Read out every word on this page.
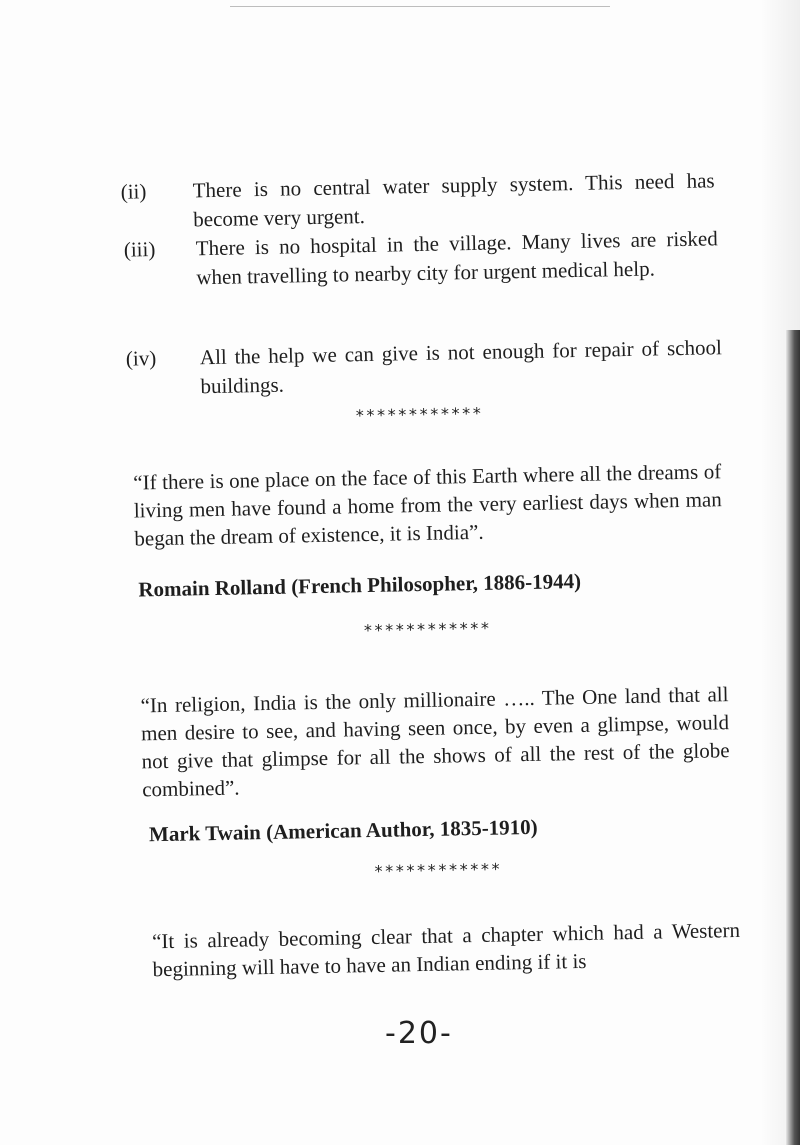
(ii)	There is no central water supply system. This need has become very urgent.
(iii)	There is no hospital in the village. Many lives are risked when travelling to nearby city for urgent medical help.
(iv)	All the help we can give is not enough for repair of school buildings.
************
“If there is one place on the face of this Earth where all the dreams of living men have found a home from the very earliest days when man began the dream of existence, it is India”.
Romain Rolland (French Philosopher, 1886-1944)
************
“In religion, India is the only millionaire ….. The One land that all men desire to see, and having seen once, by even a glimpse, would not give that glimpse for all the shows of all the rest of the globe combined”.
Mark Twain (American Author, 1835-1910)
************
“It is already becoming clear that a chapter which had a Western beginning will have to have an Indian ending if it is
-20-
